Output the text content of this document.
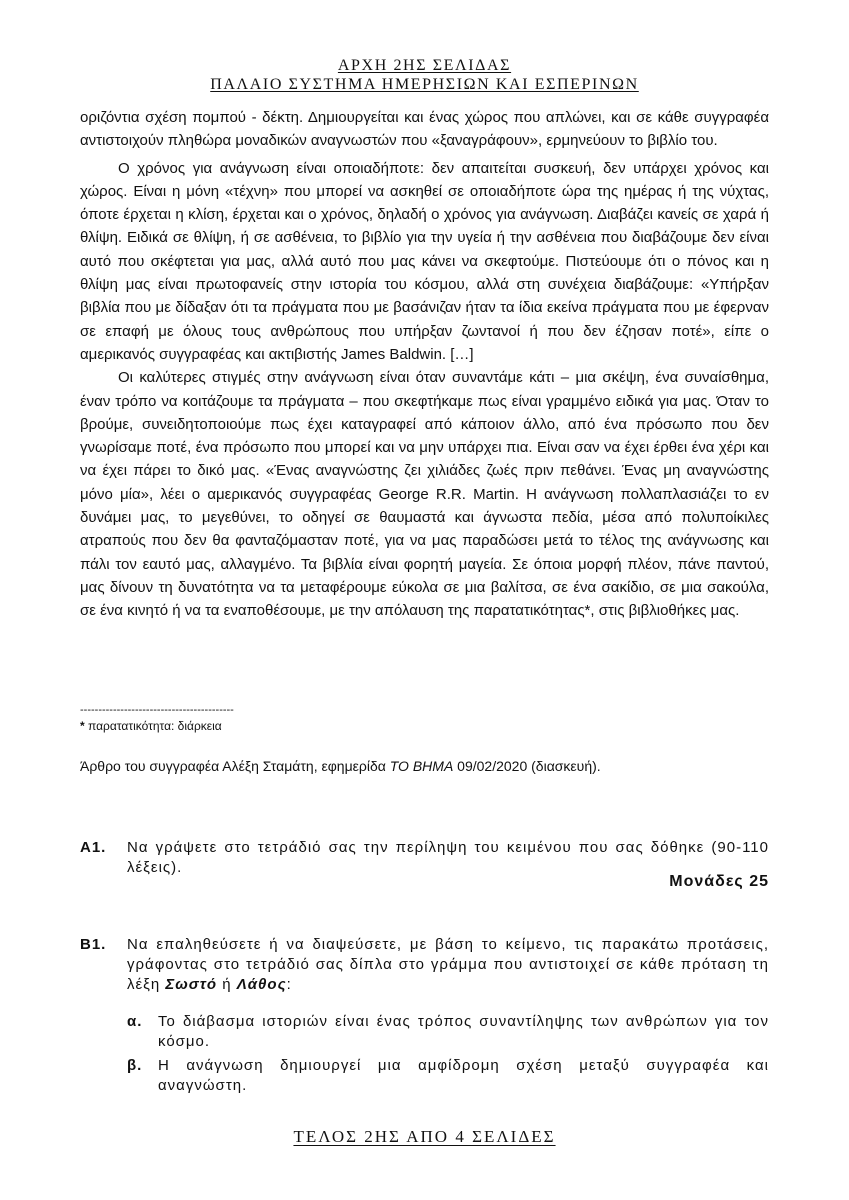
ΑΡΧΗ 2ΗΣ ΣΕΛΙΔΑΣ
ΠΑΛΑΙΟ ΣΥΣΤΗΜΑ ΗΜΕΡΗΣΙΩΝ ΚΑΙ ΕΣΠΕΡΙΝΩΝ

οριζόντια σχέση πομπού - δέκτη. Δημιουργείται και ένας χώρος που απλώνει, και σε κάθε συγγραφέα αντιστοιχούν πληθώρα μοναδικών αναγνωστών που «ξαναγράφουν», ερμηνεύουν το βιβλίο του.

Ο χρόνος για ανάγνωση είναι οποιαδήποτε: δεν απαιτείται συσκευή, δεν υπάρχει χρόνος και χώρος. Είναι η μόνη «τέχνη» που μπορεί να ασκηθεί σε οποιαδήποτε ώρα της ημέρας ή της νύχτας, όποτε έρχεται η κλίση, έρχεται και ο χρόνος, δηλαδή ο χρόνος για ανάγνωση. Διαβάζει κανείς σε χαρά ή θλίψη. Ειδικά σε θλίψη, ή σε ασθένεια, το βιβλίο για την υγεία ή την ασθένεια που διαβάζουμε δεν είναι αυτό που σκέφτεται για μας, αλλά αυτό που μας κάνει να σκεφτούμε. Πιστεύουμε ότι ο πόνος και η θλίψη μας είναι πρωτοφανείς στην ιστορία του κόσμου, αλλά στη συνέχεια διαβάζουμε: «Υπήρξαν βιβλία που με δίδαξαν ότι τα πράγματα που με βασάνιζαν ήταν τα ίδια εκείνα πράγματα που με έφερναν σε επαφή με όλους τους ανθρώπους που υπήρξαν ζωντανοί ή που δεν έζησαν ποτέ», είπε ο αμερικανός συγγραφέας και ακτιβιστής James Baldwin. […]

Οι καλύτερες στιγμές στην ανάγνωση είναι όταν συναντάμε κάτι – μια σκέψη, ένα συναίσθημα, έναν τρόπο να κοιτάζουμε τα πράγματα – που σκεφτήκαμε πως είναι γραμμένο ειδικά για μας. Όταν το βρούμε, συνειδητοποιούμε πως έχει καταγραφεί από κάποιον άλλο, από ένα πρόσωπο που δεν γνωρίσαμε ποτέ, ένα πρόσωπο που μπορεί και να μην υπάρχει πια. Είναι σαν να έχει έρθει ένα χέρι και να έχει πάρει το δικό μας. «Ένας αναγνώστης ζει χιλιάδες ζωές πριν πεθάνει. Ένας μη αναγνώστης μόνο μία», λέει ο αμερικανός συγγραφέας George R.R. Martin. Η ανάγνωση πολλαπλασιάζει το εν δυνάμει μας, το μεγεθύνει, το οδηγεί σε θαυμαστά και άγνωστα πεδία, μέσα από πολυποίκιλες ατραπούς που δεν θα φανταζόμασταν ποτέ, για να μας παραδώσει μετά το τέλος της ανάγνωσης και πάλι τον εαυτό μας, αλλαγμένο. Τα βιβλία είναι φορητή μαγεία. Σε όποια μορφή πλέον, πάνε παντού, μας δίνουν τη δυνατότητα να τα μεταφέρουμε εύκολα σε μια βαλίτσα, σε ένα σακίδιο, σε μια σακούλα, σε ένα κινητό ή να τα εναποθέσουμε, με την απόλαυση της παρατατικότητας*, στις βιβλιοθήκες μας.

------------------------------------------
* παρατατικότητα: διάρκεια
Άρθρο του συγγραφέα Αλέξη Σταμάτη, εφημερίδα ΤΟ ΒΗΜΑ 09/02/2020 (διασκευή).
Α1. Να γράψετε στο τετράδιό σας την περίληψη του κειμένου που σας δόθηκε (90-110 λέξεις).
Μονάδες 25
Β1. Να επαληθεύσετε ή να διαψεύσετε, με βάση το κείμενο, τις παρακάτω προτάσεις, γράφοντας στο τετράδιό σας δίπλα στο γράμμα που αντιστοιχεί σε κάθε πρόταση τη λέξη Σωστό ή Λάθος:
α. Το διάβασμα ιστοριών είναι ένας τρόπος συναντίληψης των ανθρώπων για τον κόσμο.
β. Η ανάγνωση δημιουργεί μια αμφίδρομη σχέση μεταξύ συγγραφέα και αναγνώστη.
ΤΕΛΟΣ 2ΗΣ ΑΠΟ 4 ΣΕΛΙΔΕΣ
